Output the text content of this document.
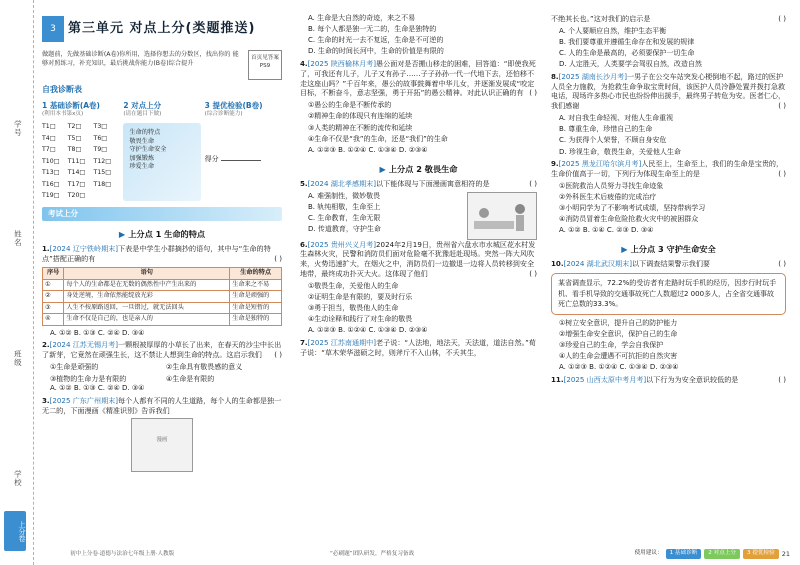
学号
姓名
班级
学校
上分卷
3 第三单元 对点上分(类题推送)
做题前，先做基础诊断(A卷)你所用，选择你想去的分数区，找出你的 能够对照练习，补充知识，最后挑战你能力(B卷)综合提升
首页见答案PS9
自我诊断表
1 基础诊断(A卷)
(利用本书第x页)
T1□	T2□	T3□
T4□	T5□	T6□
T7□	T8□	T9□
T10□	T11□	T12□
T13□	T14□	T15□
T16□	T17□	T18□
T19□	T20□
2 对点上分
(请在题目下做)
生命的特点
敬畏生命
守护生命安全
加强锻炼
珍爱生命
3 提优检验(B卷)
(综合诊断能力)
得分
考试上分
▶ 上分点 1 生命的特点
1.[2024 辽宁铁岭期末]下表是中学生小群摘抄的语句，其中与“生命的特点”搭配正确的有	( )
序号	语句	生命的特点
①	每个人的生命都是在无数的偶然性中产生出来的	生命来之不易
②	身处逆境，生命依然能绽放光彩	生命是顽强的
③	人生不按原路返回，一旦错过，就无法回头	生命是短暂的
④	生命不仅是自己的，也是亲人的	生命是独特的
A. ①② B. ①③ C. ②④ D. ③④
2.[2024 江苏无锡月考]一颗根被厚厚的小草长了出来，在春天的沙尘中长出了新芽，它竟然在顽强生长，这不禁让人想到生命的特点。这启示我们 ( )
①生命是顽强的	②生命具有敬畏感的意义
③植物的生命力是有限的	④生命是有限的
A. ①② B. ①③ C. ②④ D. ③④
3.[2025 广东广州期末]每个人都有不同的人生道路，每个人的生命都是独一无二的，下面漫画《精准识别》告诉我们
漫画
初中上分卷·道德与法治七年级上册·人教版
A. 生命是大自然的奇迹，来之不易
B. 每个人都是独一无二的，生命是独特的
C. 生命的时光一去不复返，生命是不可逆的
D. 生命的时间长河中，生命的价值是有限的
4.[2025 陕西榆林月考]愚公面对是否搬山移走的困难，回答道：“即使我死了，可我还有儿子，儿子又有孙子……子子孙孙一代一代地下去，还怕移不走这座山吗？”千百年来，愚公的故事鼓舞着中华儿女，并逐渐发展成“咬定目标，不断奋斗，意志坚强，勇于开拓”的愚公精神。对此认识正确的有 ( )
①愚公的生命是不断传承的
②精神生命的体现只有连绵的延续
③人类的精神在不断的流传和延续
④生命不仅是“我”的生命，还是“我们”的生命
A. ①②③ B. ①②④ C. ①③④ D. ②③④
▶ 上分点 2 敬畏生命
5.[2024 湖北孝感期末]以下能体现与下面漫画寓意相符的是	( )
A. 难强制性，微妙敬畏
B. 轨纯相敬，生命至上
C. 生命教育，生命无限
D. 传道教育，守护生命
6.[2025 贵州兴义月考]2024年2月19日，贵州省六盘水市水城区花水村发生森林火灾，民警和消防员们面对危险毫不犹豫赶赴现场。突然一阵大风吹来，火势迅速扩大，在烟火之中，消防员们一边撤退一边将人员转移到安全地带，最终成功扑灭大火。这体现了他们	( )
①敬畏生命，关爱他人的生命
②证明生命是有限的，要及时行乐
③勇于担当，敬畏他人的生命
④生动诠释和践行了对生命的敬畏
A. ①②③ B. ①②④ C. ①③④ D. ②③④
7.[2025 江苏南通期中]老子说：“人法地，地法天，天法道，道法自然。”荀子说：“草木荣华滋硕之时，则斧斤不入山林，不夭其生，
“必刷题”团队研发，严格复习备战
不绝其长也。”这对我们的启示是	( )
A. 个人要顺应自然，维护生态平衡
B. 我们要尊重并遵循生命存在和发展的规律
C. 人的生命是最高的，必须要保护一切生命
D. 人定胜天，人类要学会驾驭自然，改造自然
8.[2025 湖南长沙月考]一男子在公交车站突发心梗倒地不起，路过的医护人员全力施救，为抢救生命争取宝贵时间，该医护人员冷静处置并拨打急救电话，现场许多热心市民也纷纷伸出援手，最终男子转危为安。医者仁心，我们感谢	( )
A. 对自我生命轻视、对他人生命重视
B. 尊重生命，珍惜自己的生命
C. 为获得个人荣誉，不顾自身安危
D. 珍视生命，敬畏生命，关爱他人生命
9.[2025 黑龙江哈尔滨月考]人民至上，生命至上，我们的生命是宝贵的，生命价值高于一切，下列行为体现生命至上的是	( )
①医院救治人员努力寻找生命迹象
②外科医生术后疲倦的完成治疗
③小明同学为了不影响考试成绩，坚持带病学习
④消防员冒着生命危险抢救火灾中的被困群众
A. ①② B. ①④ C. ②③ D. ③④
▶ 上分点 3 守护生命安全
10.[2024 湖北武汉期末]以下调查结果警示我们要	( )
某省调查显示，72.2%的受访者有走路时玩手机的经历，因步行时玩手机、看手机导致的交通事故死亡人数超过2 000多人，占全省交通事故死亡总数的33.3%。
①树立安全意识，提升自己的防护能力
②增强生命安全意识，保护自己的生命
③珍爱自己的生命，学会自我保护
④人的生命会遭遇不可抗拒的自然灾害
A. ①②③ B. ①②④ C. ①③④ D. ②③④
11.[2025 山西太原中考月考]以下行为为安全意识较低的是	( )
使用建议：	1 基础诊断	2 对点上分	3 提优检验	21
